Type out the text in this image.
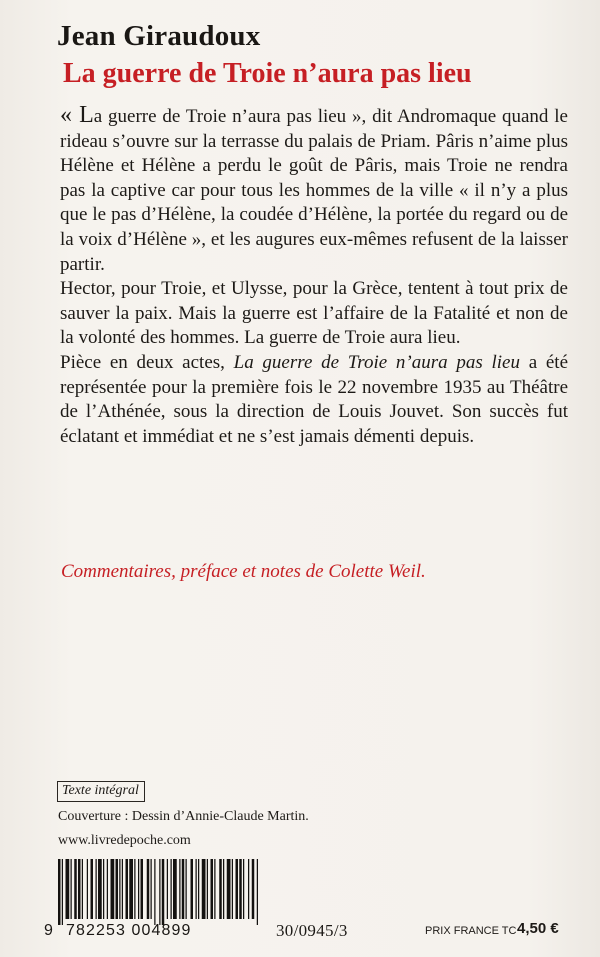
Jean Giraudoux
La guerre de Troie n’aura pas lieu

« La guerre de Troie n’aura pas lieu », dit Andromaque quand le rideau s’ouvre sur la terrasse du palais de Priam. Pâris n’aime plus Hélène et Hélène a perdu le goût de Pâris, mais Troie ne rendra pas la captive car pour tous les hommes de la ville « il n’y a plus que le pas d’Hélène, la coudée d’Hélène, la portée du regard ou de la voix d’Hélène », et les augures eux-mêmes refusent de la laisser partir.

Hector, pour Troie, et Ulysse, pour la Grèce, tentent à tout prix de sauver la paix. Mais la guerre est l’affaire de la Fatalité et non de la volonté des hommes. La guerre de Troie aura lieu.

Pièce en deux actes, La guerre de Troie n’aura pas lieu a été représentée pour la première fois le 22 novembre 1935 au Théâtre de l’Athénée, sous la direction de Louis Jouvet. Son succès fut éclatant et immédiat et ne s’est jamais démenti depuis.

Commentaires, préface et notes de Colette Weil.
Texte intégral
Couverture : Dessin d’Annie-Claude Martin.
www.livredepoche.com
9 782253 004899	30/0945/3	PRIX FRANCE TC 4,50 €
